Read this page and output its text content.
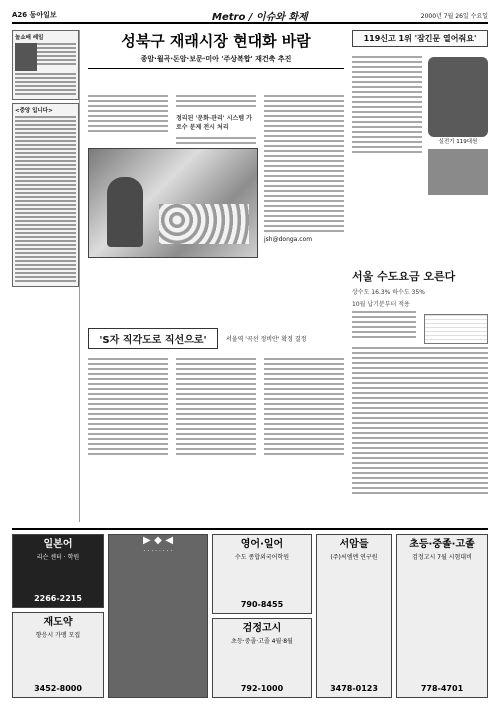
A26 동아일보	Metro / 이슈와 화제	2000년 7월 26일 수요일
놀쇼배 레일
<중앙 입니다>
성북구 재래시장 현대화 바람
종암·월곡·돈암·보문·미아 '주상복합' 재건축 추진
정리된 '문화·관리' 시스템 가로수 문제 전시 처리
jsh@donga.com
119신고 1위 '잠긴문 열어줘요'
실전기 119대원
서울 수도요금 오른다
상수도 16.3% 하수도 35%
10월 납기분부터 적용
'S자 직각도로 직선으로'	서울역 '곡선 정비안' 확정 결정
일본어
리슨 센터 · 학원
2266-2215
재도약
향응시 가맹 모집
3452-8000
▶ ◆ ◀
· · · · · · · ·
영어·일어
수도 종합외국어학원
790-8455
검정고시
초등·중졸·고졸 4월·8월
792-1000
서암들
(주)씨엠엔 연구원
3478-0123
초등·중졸·고졸
검정고시 7월 시험대비
778-4701
